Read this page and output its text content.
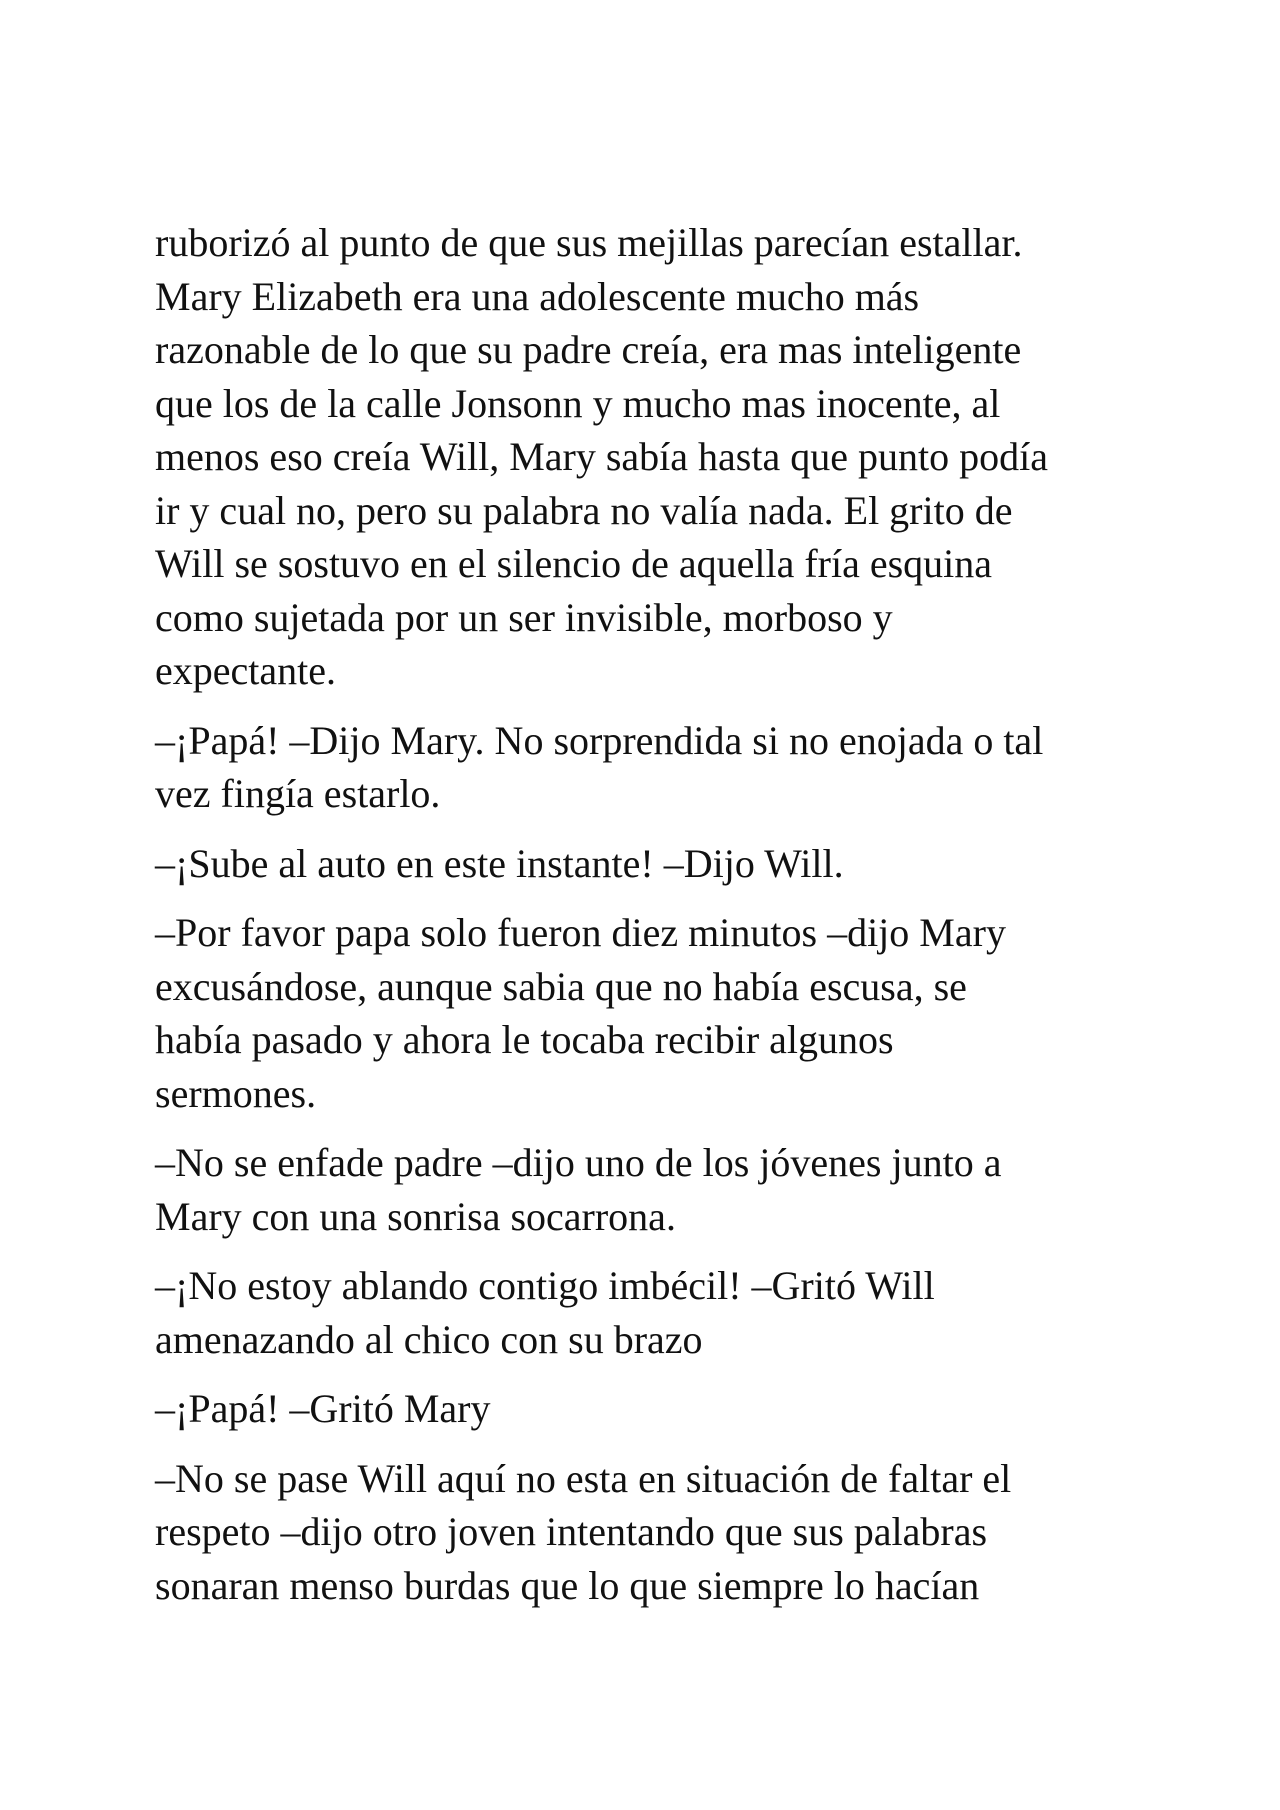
ruborizó al punto de que sus mejillas parecían estallar.
Mary Elizabeth era una adolescente mucho más
razonable de lo que su padre creía, era mas inteligente
que los de la calle Jonsonn y mucho mas inocente, al
menos eso creía Will, Mary sabía hasta que punto podía
ir y cual no, pero su palabra no valía nada. El grito de
Will se sostuvo en el silencio de aquella fría esquina
como sujetada por un ser invisible, morboso y
expectante.

–¡Papá! –Dijo Mary. No sorprendida si no enojada o tal
vez fingía estarlo.

–¡Sube al auto en este instante! –Dijo Will.

–Por favor papa solo fueron diez minutos –dijo Mary
excusándose, aunque sabia que no había escusa, se
había pasado y ahora le tocaba recibir algunos
sermones.

–No se enfade padre –dijo uno de los jóvenes junto a
Mary con una sonrisa socarrona.

–¡No estoy ablando contigo imbécil! –Gritó Will
amenazando al chico con su brazo

–¡Papá! –Gritó Mary

–No se pase Will aquí no esta en situación de faltar el
respeto –dijo otro joven intentando que sus palabras
sonaran menso burdas que lo que siempre lo hacían
